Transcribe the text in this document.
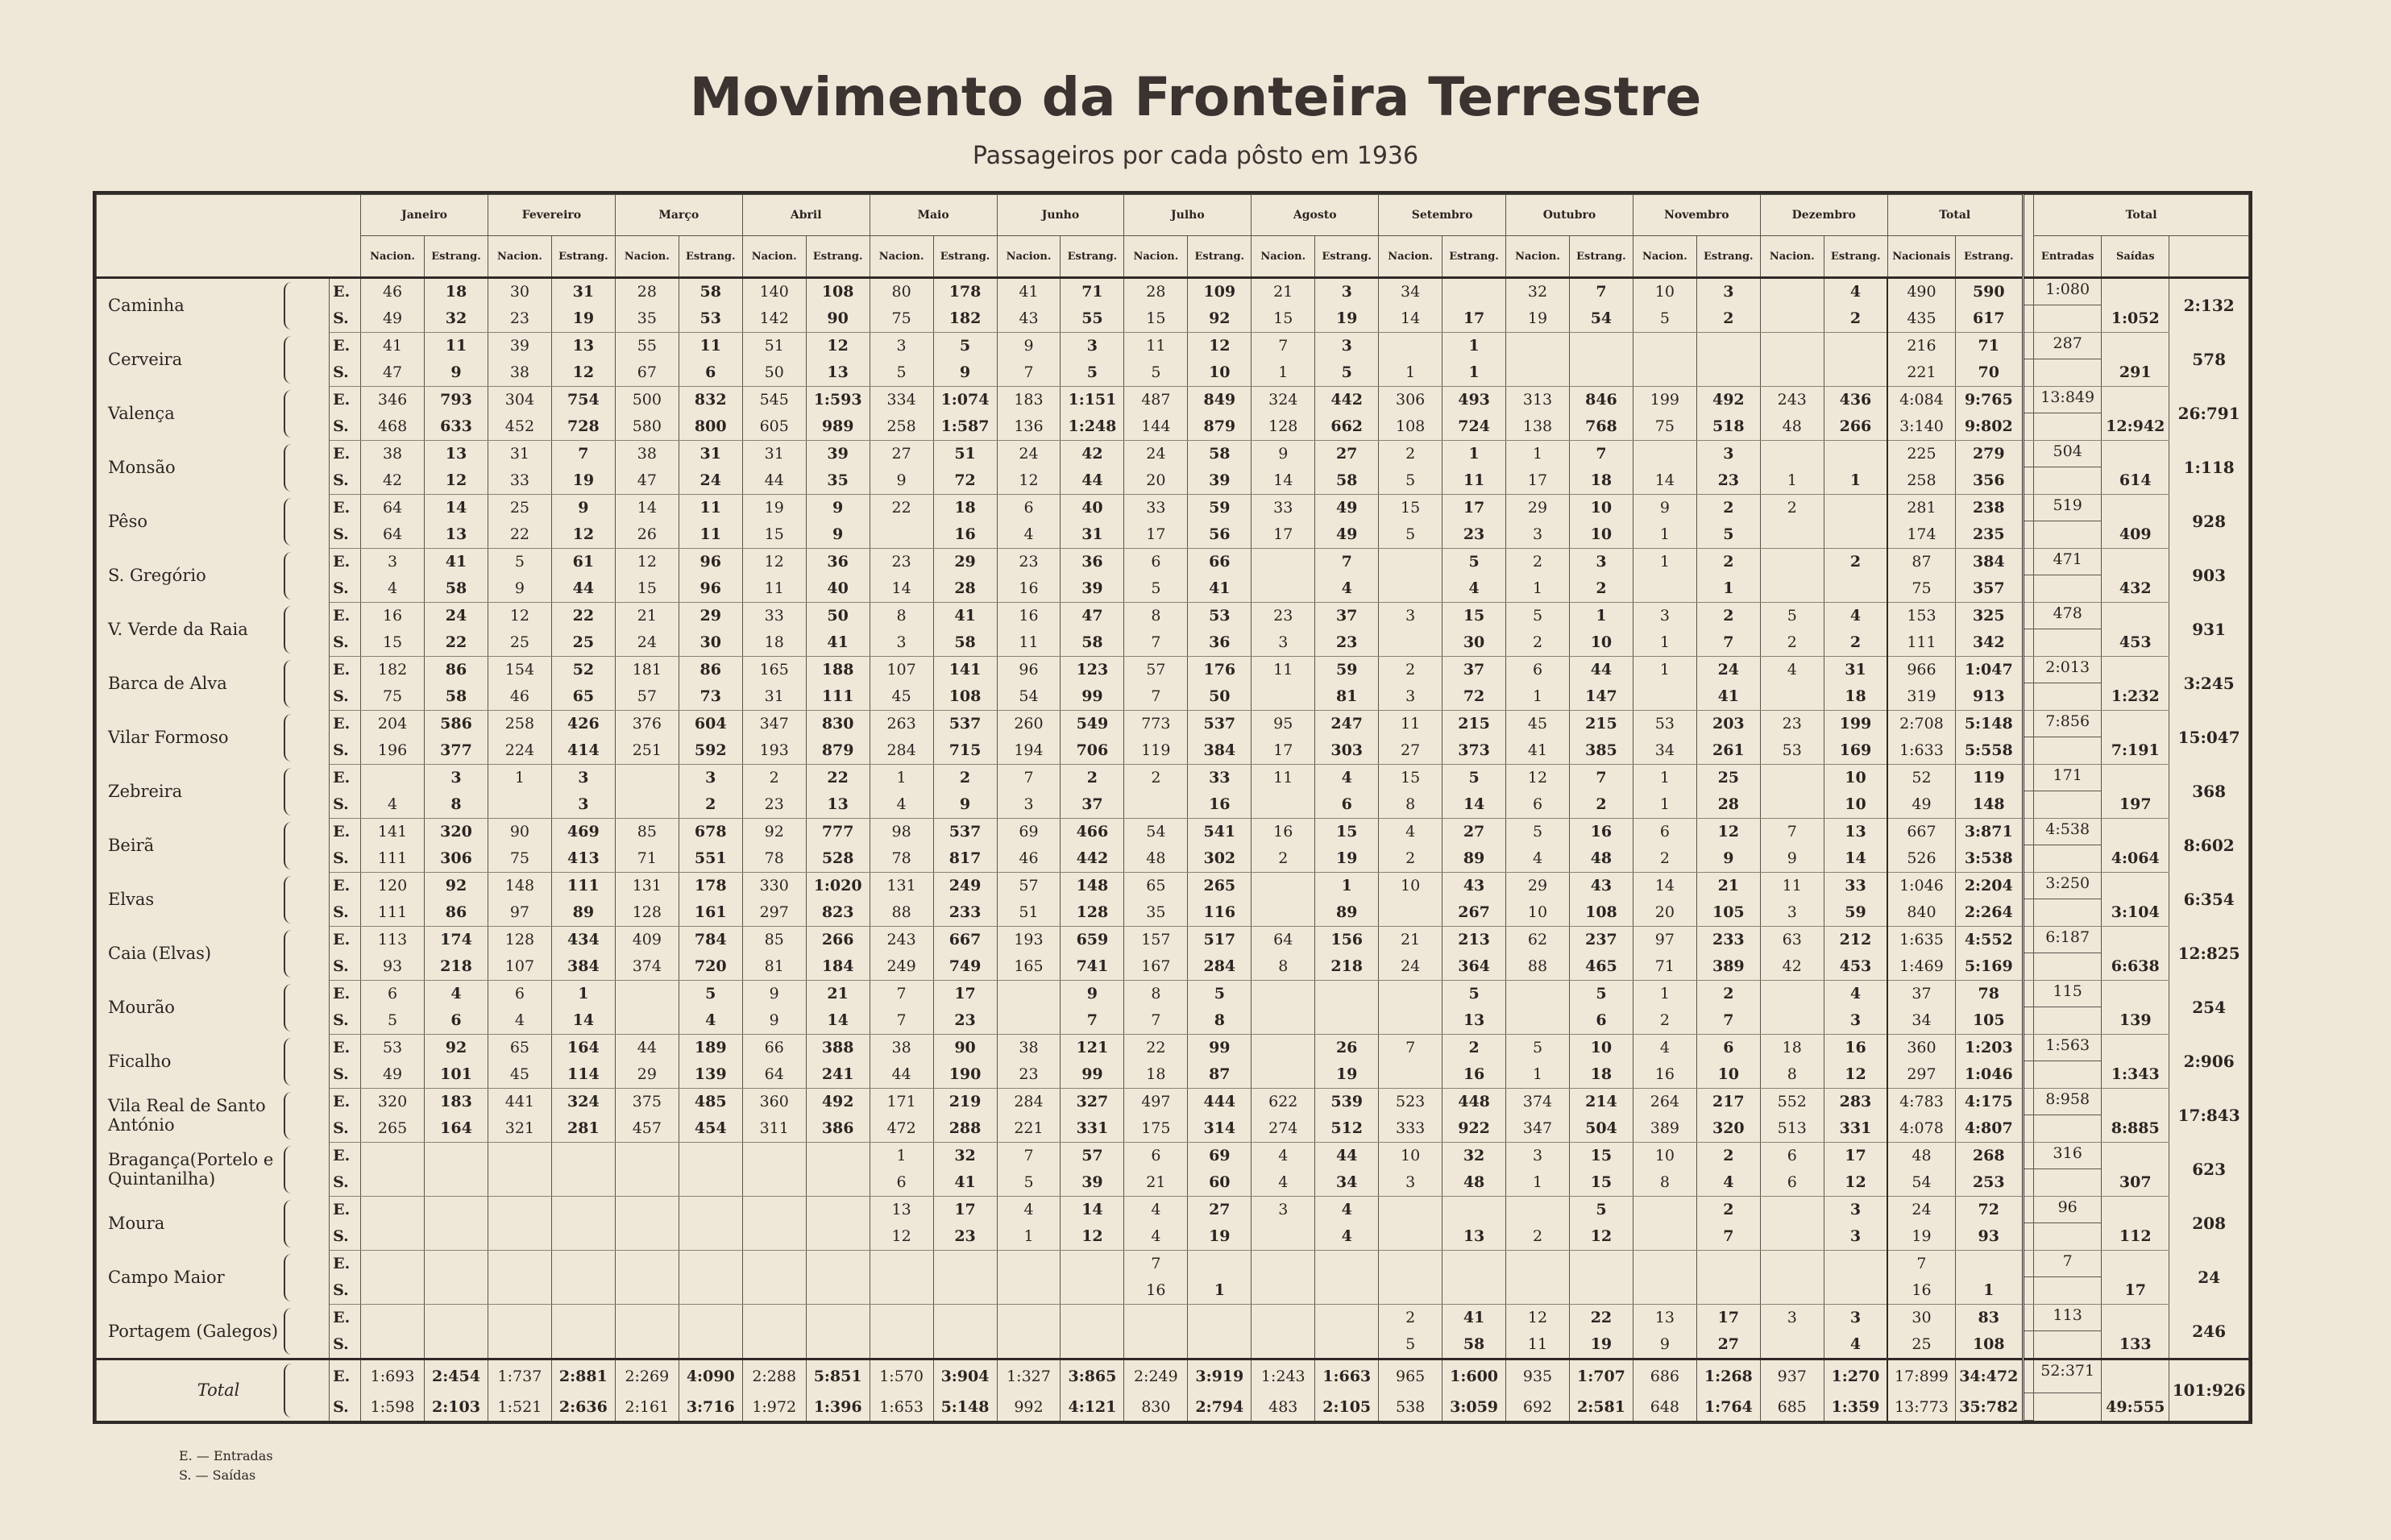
Movimento da Fronteira Terrestre
Passageiros por cada pôsto em 1936
		Janeiro		Fevereiro		Março		Abril		Maio		Junho		Julho		Agosto		Setembro		Outubro		Novembro		Dezembro		Total			Total		
		Nacion.	Estrang.	Nacion.	Estrang.	Nacion.	Estrang.	Nacion.	Estrang.	Nacion.	Estrang.	Nacion.	Estrang.	Nacion.	Estrang.	Nacion.	Estrang.	Nacion.	Estrang.	Nacion.	Estrang.	Nacion.	Estrang.	Nacion.	Estrang.	Nacionais	Estrang.		Entradas	Saídas	
Caminha	E.	46	18	30	31	28	58	140	108	80	178	41	71	28	109	21	3	34		32	7	10	3		4	490	590		1:080		2:132
	S.	49	32	23	19	35	53	142	90	75	182	43	55	15	92	15	19	14	17	19	54	5	2		2	435	617			1:052	
Cerveira	E.	41	11	39	13	55	11	51	12	3	5	9	3	11	12	7	3		1							216	71		287		578
	S.	47	9	38	12	67	6	50	13	5	9	7	5	5	10	1	5	1	1							221	70			291	
Valença	E.	346	793	304	754	500	832	545	1:593	334	1:074	183	1:151	487	849	324	442	306	493	313	846	199	492	243	436	4:084	9:765		13:849		26:791
	S.	468	633	452	728	580	800	605	989	258	1:587	136	1:248	144	879	128	662	108	724	138	768	75	518	48	266	3:140	9:802			12:942	
Monsão	E.	38	13	31	7	38	31	31	39	27	51	24	42	24	58	9	27	2	1	1	7		3			225	279		504		1:118
	S.	42	12	33	19	47	24	44	35	9	72	12	44	20	39	14	58	5	11	17	18	14	23	1	1	258	356			614	
Pêso	E.	64	14	25	9	14	11	19	9	22	18	6	40	33	59	33	49	15	17	29	10	9	2	2		281	238		519		928
	S.	64	13	22	12	26	11	15	9		16	4	31	17	56	17	49	5	23	3	10	1	5			174	235			409	
S. Gregório	E.	3	41	5	61	12	96	12	36	23	29	23	36	6	66		7		5	2	3	1	2		2	87	384		471		903
	S.	4	58	9	44	15	96	11	40	14	28	16	39	5	41		4		4	1	2		1			75	357			432	
V. Verde da Raia	E.	16	24	12	22	21	29	33	50	8	41	16	47	8	53	23	37	3	15	5	1	3	2	5	4	153	325		478		931
	S.	15	22	25	25	24	30	18	41	3	58	11	58	7	36	3	23		30	2	10	1	7	2	2	111	342			453	
Barca de Alva	E.	182	86	154	52	181	86	165	188	107	141	96	123	57	176	11	59	2	37	6	44	1	24	4	31	966	1:047		2:013		3:245
	S.	75	58	46	65	57	73	31	111	45	108	54	99	7	50		81	3	72	1	147		41		18	319	913			1:232	
Vilar Formoso	E.	204	586	258	426	376	604	347	830	263	537	260	549	773	537	95	247	11	215	45	215	53	203	23	199	2:708	5:148		7:856		15:047
	S.	196	377	224	414	251	592	193	879	284	715	194	706	119	384	17	303	27	373	41	385	34	261	53	169	1:633	5:558			7:191	
Zebreira	E.		3	1	3		3	2	22	1	2	7	2	2	33	11	4	15	5	12	7	1	25		10	52	119		171		368
	S.	4	8		3		2	23	13	4	9	3	37		16		6	8	14	6	2	1	28		10	49	148			197	
Beirã	E.	141	320	90	469	85	678	92	777	98	537	69	466	54	541	16	15	4	27	5	16	6	12	7	13	667	3:871		4:538		8:602
	S.	111	306	75	413	71	551	78	528	78	817	46	442	48	302	2	19	2	89	4	48	2	9	9	14	526	3:538			4:064	
Elvas	E.	120	92	148	111	131	178	330	1:020	131	249	57	148	65	265		1	10	43	29	43	14	21	11	33	1:046	2:204		3:250		6:354
	S.	111	86	97	89	128	161	297	823	88	233	51	128	35	116		89		267	10	108	20	105	3	59	840	2:264			3:104	
Caia (Elvas)	E.	113	174	128	434	409	784	85	266	243	667	193	659	157	517	64	156	21	213	62	237	97	233	63	212	1:635	4:552		6:187		12:825
	S.	93	218	107	384	374	720	81	184	249	749	165	741	167	284	8	218	24	364	88	465	71	389	42	453	1:469	5:169			6:638	
Mourão	E.	6	4	6	1		5	9	21	7	17		9	8	5				5		5	1	2		4	37	78		115		254
	S.	5	6	4	14		4	9	14	7	23		7	7	8				13		6	2	7		3	34	105			139	
Ficalho	E.	53	92	65	164	44	189	66	388	38	90	38	121	22	99		26	7	2	5	10	4	6	18	16	360	1:203		1:563		2:906
	S.	49	101	45	114	29	139	64	241	44	190	23	99	18	87		19		16	1	18	16	10	8	12	297	1:046			1:343	
Vila Real de Santo António	E.	320	183	441	324	375	485	360	492	171	219	284	327	497	444	622	539	523	448	374	214	264	217	552	283	4:783	4:175		8:958		17:843
	S.	265	164	321	281	457	454	311	386	472	288	221	331	175	314	274	512	333	922	347	504	389	320	513	331	4:078	4:807			8:885	
Bragança(Portelo e Quintanilha)	E.									1	32	7	57	6	69	4	44	10	32	3	15	10	2	6	17	48	268		316		623
	S.									6	41	5	39	21	60	4	34	3	48	1	15	8	4	6	12	54	253			307	
Moura	E.									13	17	4	14	4	27	3	4				5		2		3	24	72		96		208
	S.									12	23	1	12	4	19		4		13	2	12		7		3	19	93			112	
Campo Maior	E.													7												7			7		24
	S.													16	1											16	1			17	
Portagem (Galegos)	E.																	2	41	12	22	13	17	3	3	30	83		113		246
	S.																	5	58	11	19	9	27		4	25	108			133	
Total	E.	1:693	2:454	1:737	2:881	2:269	4:090	2:288	5:851	1:570	3:904	1:327	3:865	2:249	3:919	1:243	1:663	965	1:600	935	1:707	686	1:268	937	1:270	17:899	34:472		52:371		101:926
	S.	1:598	2:103	1:521	2:636	2:161	3:716	1:972	1:396	1:653	5:148	992	4:121	830	2:794	483	2:105	538	3:059	692	2:581	648	1:764	685	1:359	13:773	35:782			49:555	
E. — Entradas
S. — Saídas
